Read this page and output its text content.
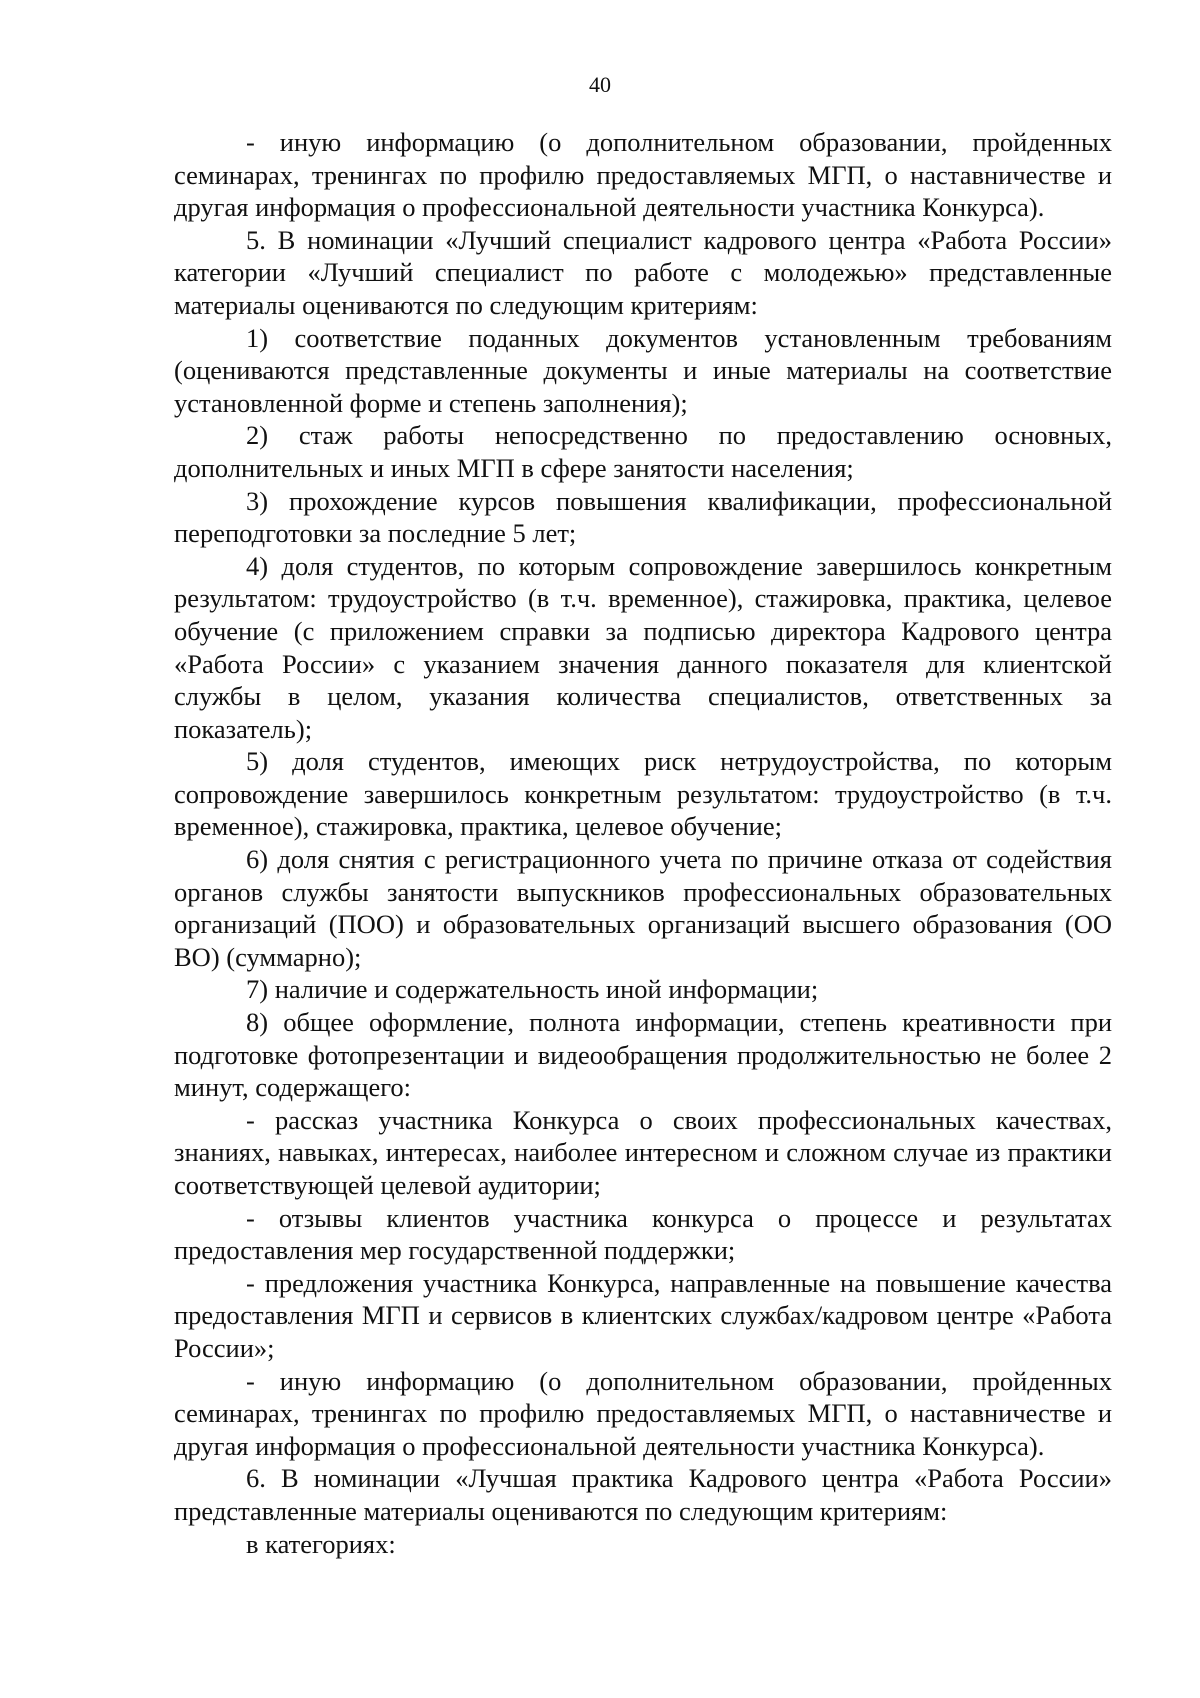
40

- иную информацию (о дополнительном образовании, пройденных семинарах, тренингах по профилю предоставляемых МГП, о наставничестве и другая информация о профессиональной деятельности участника Конкурса).

5. В номинации «Лучший специалист кадрового центра «Работа России» категории «Лучший специалист по работе с молодежью» представленные материалы оцениваются по следующим критериям:

1) соответствие поданных документов установленным требованиям (оцениваются представленные документы и иные материалы на соответствие установленной форме и степень заполнения);

2) стаж работы непосредственно по предоставлению основных, дополнительных и иных МГП в сфере занятости населения;

3) прохождение курсов повышения квалификации, профессиональной переподготовки за последние 5 лет;

4) доля студентов, по которым сопровождение завершилось конкретным результатом: трудоустройство (в т.ч. временное), стажировка, практика, целевое обучение (с приложением справки за подписью директора Кадрового центра «Работа России» с указанием значения данного показателя для клиентской службы в целом, указания количества специалистов, ответственных за показатель);

5) доля студентов, имеющих риск нетрудоустройства, по которым сопровождение завершилось конкретным результатом: трудоустройство (в т.ч. временное), стажировка, практика, целевое обучение;

6) доля снятия с регистрационного учета по причине отказа от содействия органов службы занятости выпускников профессиональных образовательных организаций (ПОО) и образовательных организаций высшего образования (ОО ВО) (суммарно);

7) наличие и содержательность иной информации;

8) общее оформление, полнота информации, степень креативности при подготовке фотопрезентации и видеообращения продолжительностью не более 2 минут, содержащего:

- рассказ участника Конкурса о своих профессиональных качествах, знаниях, навыках, интересах, наиболее интересном и сложном случае из практики соответствующей целевой аудитории;

- отзывы клиентов участника конкурса о процессе и результатах предоставления мер государственной поддержки;

- предложения участника Конкурса, направленные на повышение качества предоставления МГП и сервисов в клиентских службах/кадровом центре «Работа России»;

- иную информацию (о дополнительном образовании, пройденных семинарах, тренингах по профилю предоставляемых МГП, о наставничестве и другая информация о профессиональной деятельности участника Конкурса).

6. В номинации «Лучшая практика Кадрового центра «Работа России» представленные материалы оцениваются по следующим критериям:

в категориях:
